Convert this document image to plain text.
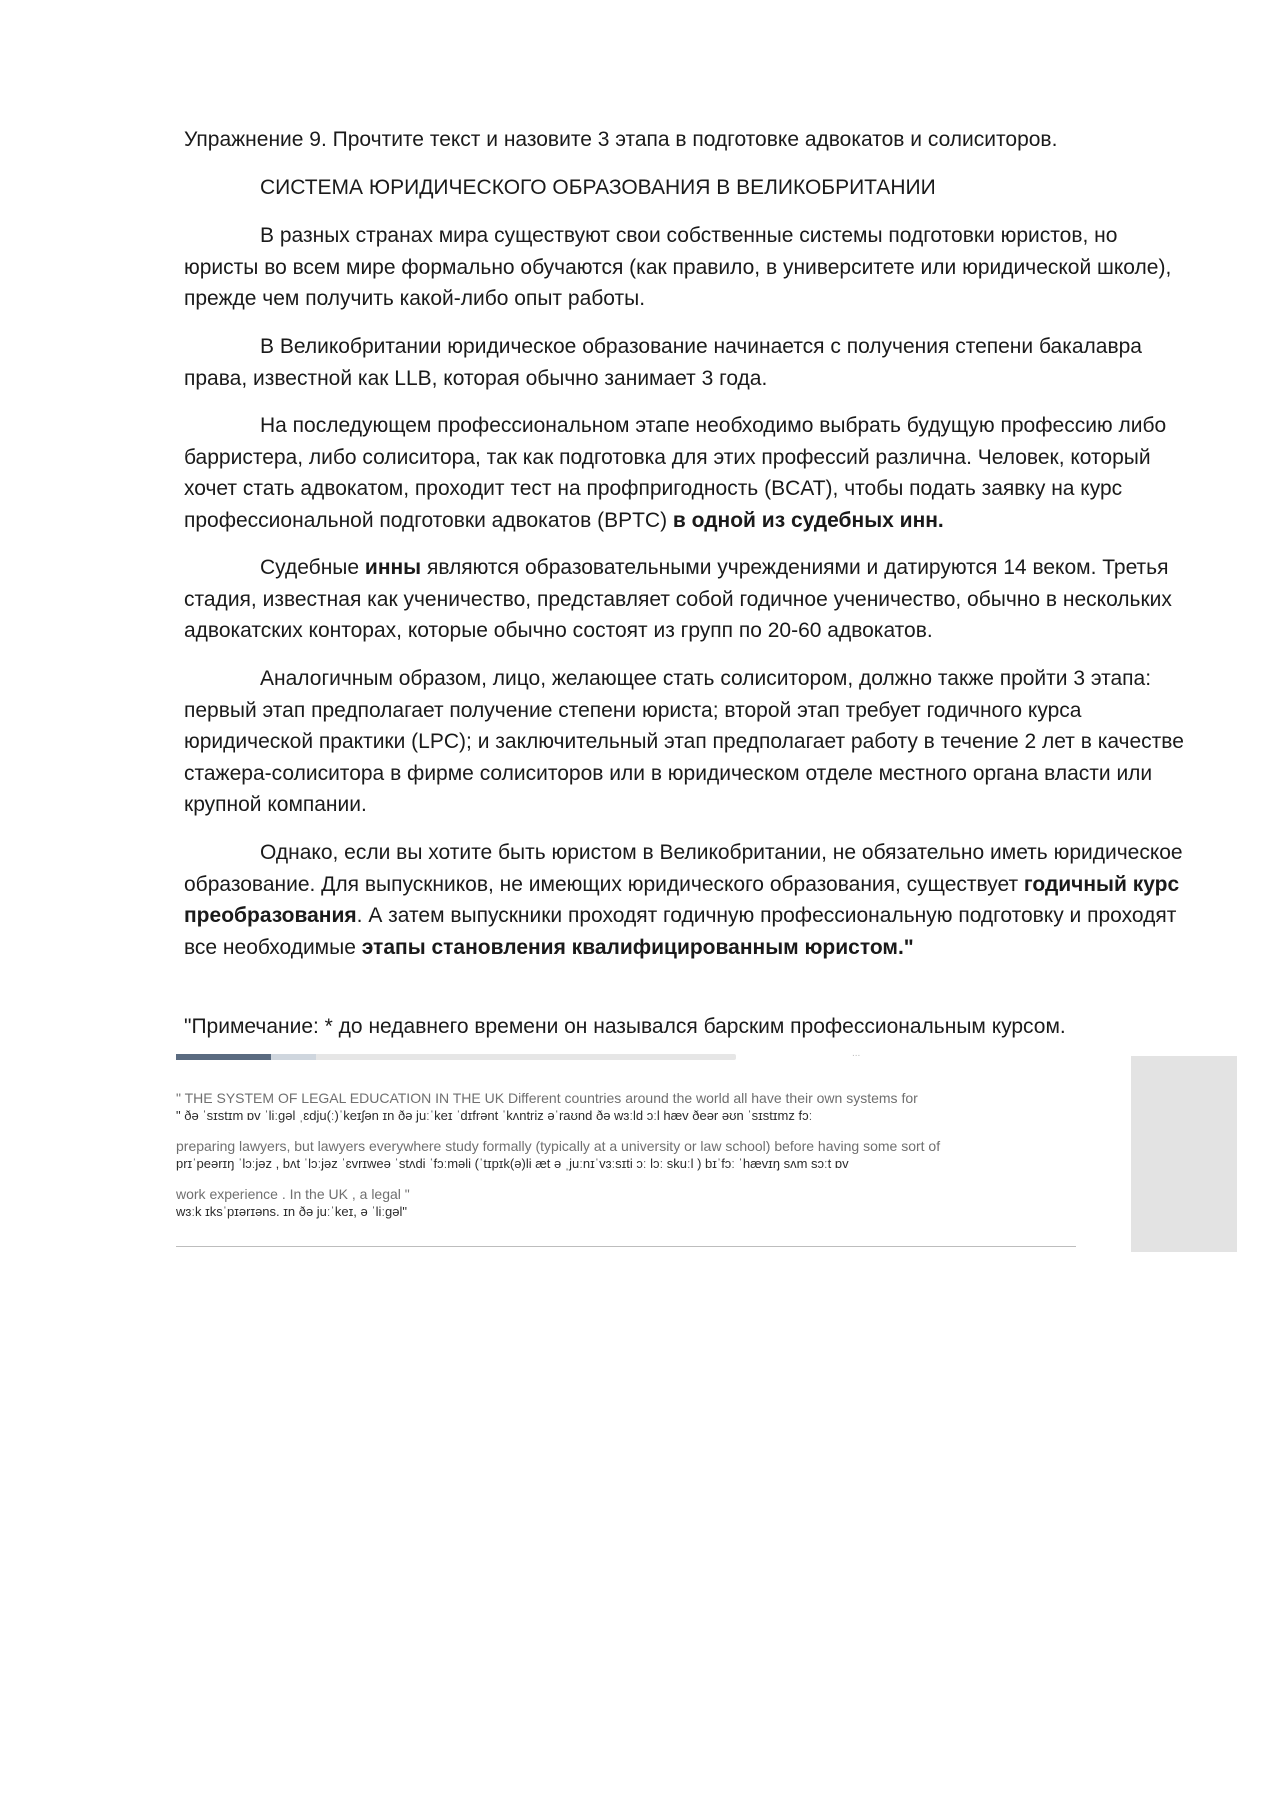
Упражнение 9. Прочтите текст и назовите 3 этапа в подготовке адвокатов и солиситоров.

СИСТЕМА ЮРИДИЧЕСКОГО ОБРАЗОВАНИЯ В ВЕЛИКОБРИТАНИИ

В разных странах мира существуют свои собственные системы подготовки юристов, но юристы во всем мире формально обучаются (как правило, в университете или юридической школе), прежде чем получить какой-либо опыт работы.

В Великобритании юридическое образование начинается с получения степени бакалавра права, известной как LLB, которая обычно занимает 3 года.

На последующем профессиональном этапе необходимо выбрать будущую профессию либо барристера, либо солиситора, так как подготовка для этих профессий различна. Человек, который хочет стать адвокатом, проходит тест на профпригодность (BCAT), чтобы подать заявку на курс профессиональной подготовки адвокатов (BPTC) в одной из судебных инн.

Судебные инны являются образовательными учреждениями и датируются 14 веком. Третья стадия, известная как ученичество, представляет собой годичное ученичество, обычно в нескольких адвокатских конторах, которые обычно состоят из групп по 20-60 адвокатов.

Аналогичным образом, лицо, желающее стать солиситором, должно также пройти 3 этапа: первый этап предполагает получение степени юриста; второй этап требует годичного курса юридической практики (LPC); и заключительный этап предполагает работу в течение 2 лет в качестве стажера-солиситора в фирме солиситоров или в юридическом отделе местного органа власти или крупной компании.

Однако, если вы хотите быть юристом в Великобритании, не обязательно иметь юридическое образование. Для выпускников, не имеющих юридического образования, существует годичный курс преобразования. А затем выпускники проходят годичную профессиональную подготовку и проходят все необходимые этапы становления квалифицированным юристом."

"Примечание: * до недавнего времени он назывался барским профессиональным курсом.

...
" THE SYSTEM OF LEGAL EDUCATION IN THE UK Different countries around the world all have their own systems for
" ðə ˈsɪstɪm ɒv ˈliːgəl ˌɛdju(ː)ˈkeɪʃən ɪn ðə juːˈkeɪ ˈdɪfrənt ˈkʌntriz əˈraʊnd ðə wɜːld ɔːl hæv ðeər əʊn ˈsɪstɪmz fɔː
preparing lawyers, but lawyers everywhere study formally (typically at a university or law school) before having some sort of
prɪˈpeərɪŋ ˈlɔːjəz , bʌt ˈlɔːjəz ˈɛvrɪweə ˈstʌdi ˈfɔːməli (ˈtɪpɪk(ə)li æt ə ˌjuːnɪˈvɜːsɪti ɔː lɔː skuːl ) bɪˈfɔː ˈhævɪŋ sʌm sɔːt ɒv
work experience . In the UK , a legal "
wɜːk ɪksˈpɪərɪəns. ɪn ðə juːˈkeɪ, ə ˈliːgəl"
